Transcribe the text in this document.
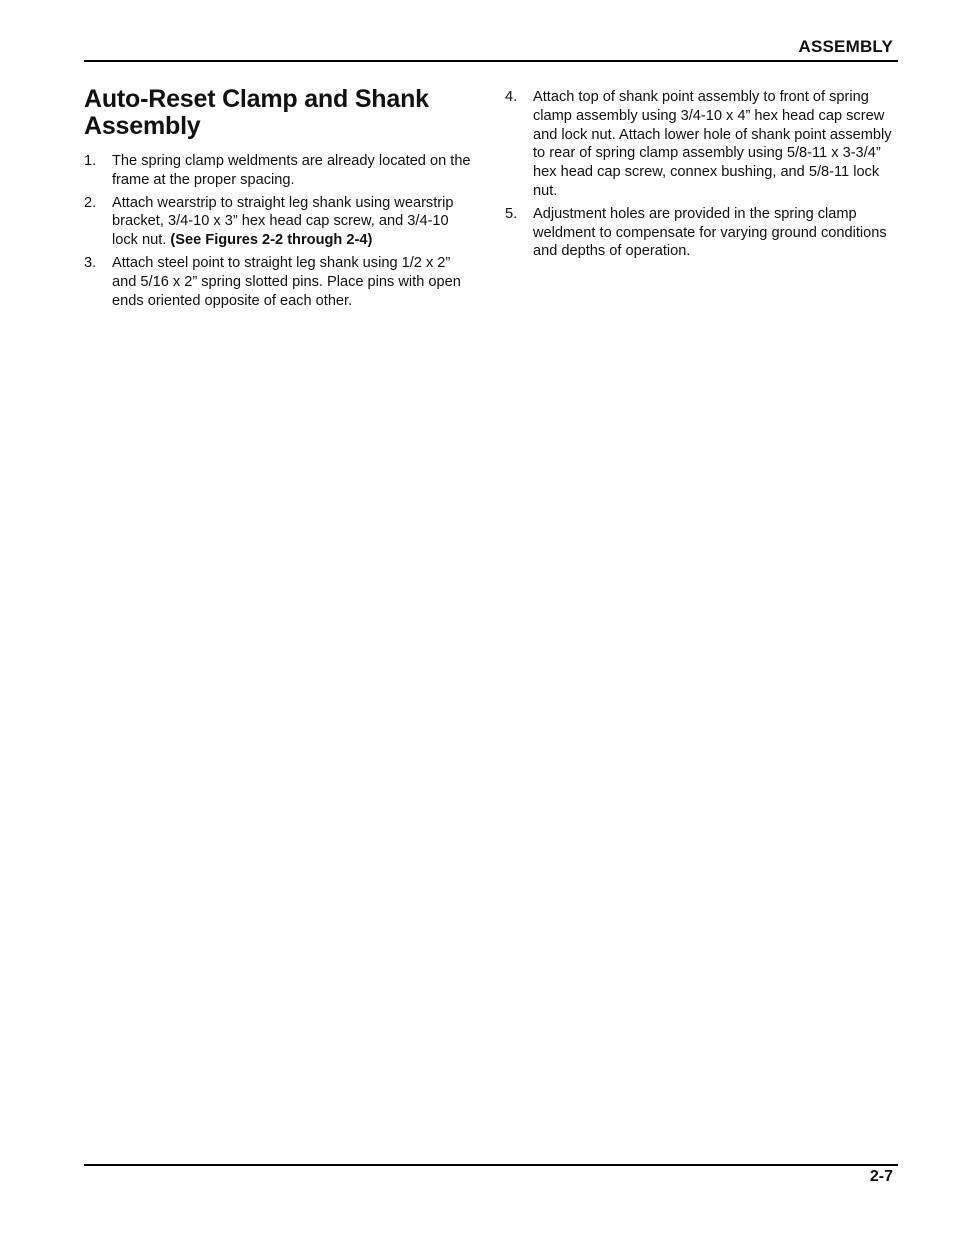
ASSEMBLY
Auto-Reset Clamp and Shank Assembly
1. The spring clamp weldments are already located on the frame at the proper spacing.
2. Attach wearstrip to straight leg shank using wearstrip bracket, 3/4-10 x 3” hex head cap screw, and 3/4-10 lock nut. (See Figures 2-2 through 2-4)
3. Attach steel point to straight leg shank using 1/2 x 2” and 5/16 x 2” spring slotted pins. Place pins with open ends oriented opposite of each other.
4. Attach top of shank point assembly to front of spring clamp assembly using 3/4-10 x 4” hex head cap screw and lock nut. Attach lower hole of shank point assembly to rear of spring clamp assembly using 5/8-11 x 3-3/4” hex head cap screw, connex bushing, and 5/8-11 lock nut.
5. Adjustment holes are provided in the spring clamp weldment to compensate for varying ground conditions and depths of operation.
2-7
